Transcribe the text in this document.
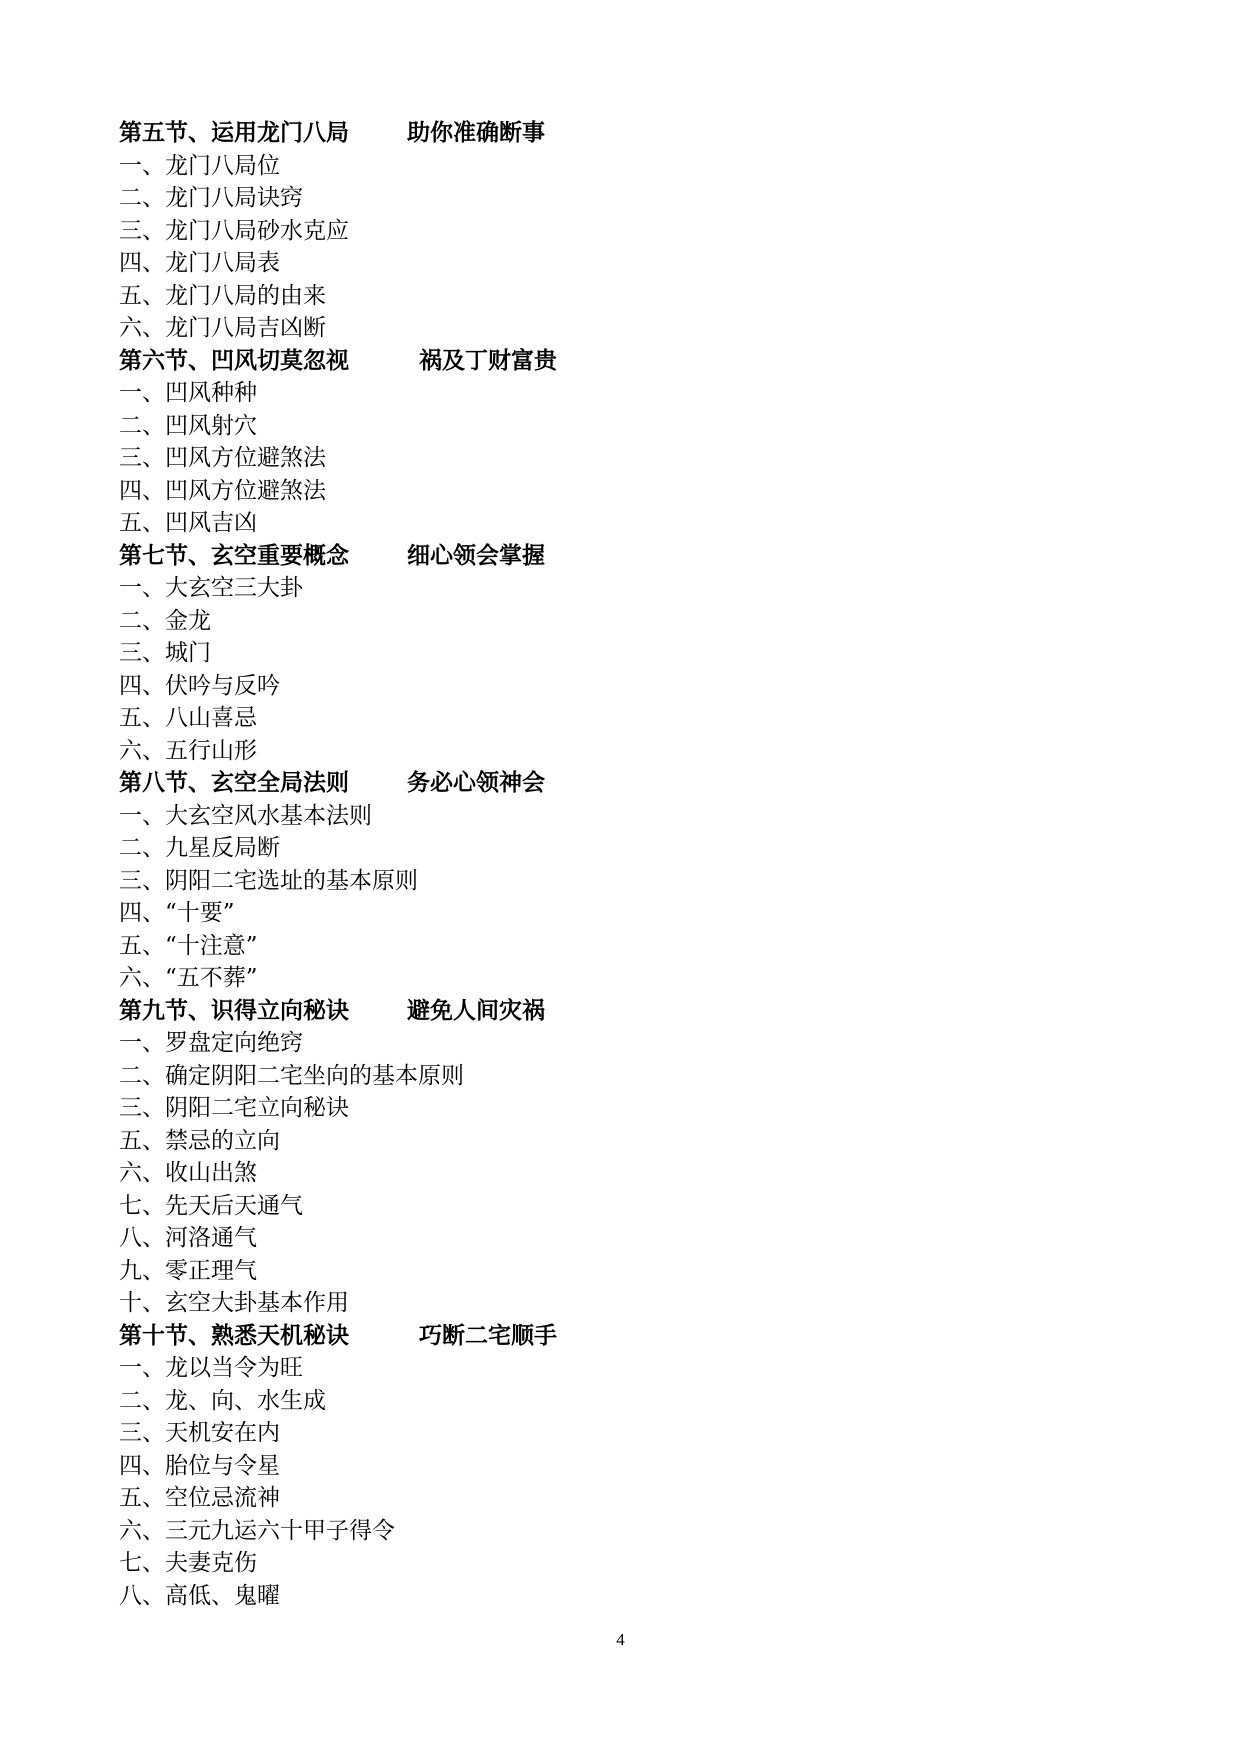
第五节、运用龙门八局	助你准确断事
一、龙门八局位
二、龙门八局诀窍
三、龙门八局砂水克应
四、龙门八局表
五、龙门八局的由来
六、龙门八局吉凶断
第六节、凹风切莫忽视	祸及丁财富贵
一、凹风种种
二、凹风射穴
三、凹风方位避煞法
四、凹风方位避煞法
五、凹风吉凶
第七节、玄空重要概念	细心领会掌握
一、大玄空三大卦
二、金龙
三、城门
四、伏吟与反吟
五、八山喜忌
六、五行山形
第八节、玄空全局法则	务必心领神会
一、大玄空风水基本法则
二、九星反局断
三、阴阳二宅选址的基本原则
四、“十要”
五、“十注意”
六、“五不葬”
第九节、识得立向秘诀	避免人间灾祸
一、罗盘定向绝窍
二、确定阴阳二宅坐向的基本原则
三、阴阳二宅立向秘诀
五、禁忌的立向
六、收山出煞
七、先天后天通气
八、河洛通气
九、零正理气
十、玄空大卦基本作用
第十节、熟悉天机秘诀	巧断二宅顺手
一、龙以当令为旺
二、龙、向、水生成
三、天机安在内
四、胎位与令星
五、空位忌流神
六、三元九运六十甲子得令
七、夫妻克伤
八、高低、鬼曜
4
